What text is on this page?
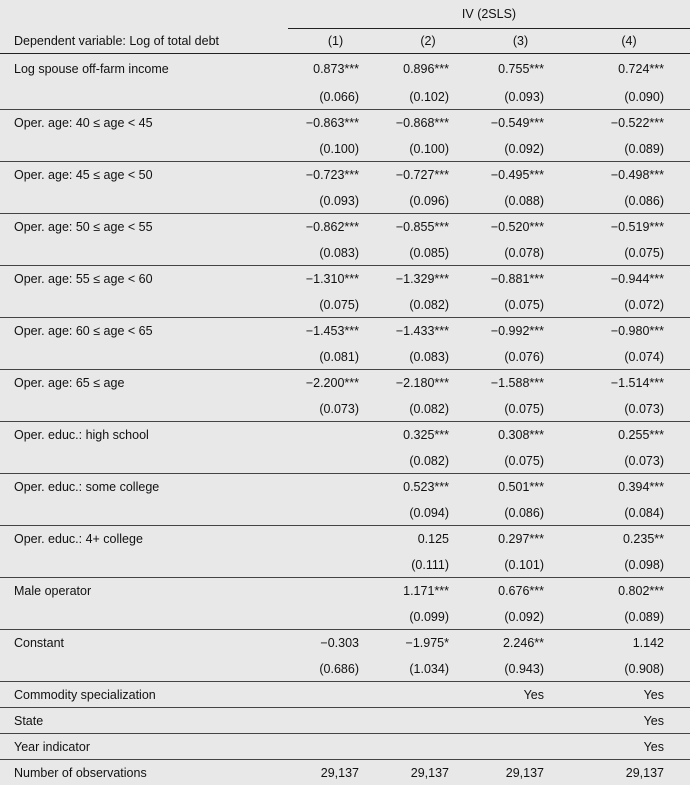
	IV (2SLS)			
Dependent variable: Log of total debt	(1)	(2)	(3)	(4)
Log spouse off-farm income	0.873***	0.896***	0.755***	0.724***
	(0.066)	(0.102)	(0.093)	(0.090)
Oper. age: 40 ≤ age < 45	−0.863***	−0.868***	−0.549***	−0.522***
	(0.100)	(0.100)	(0.092)	(0.089)
Oper. age: 45 ≤ age < 50	−0.723***	−0.727***	−0.495***	−0.498***
	(0.093)	(0.096)	(0.088)	(0.086)
Oper. age: 50 ≤ age < 55	−0.862***	−0.855***	−0.520***	−0.519***
	(0.083)	(0.085)	(0.078)	(0.075)
Oper. age: 55 ≤ age < 60	−1.310***	−1.329***	−0.881***	−0.944***
	(0.075)	(0.082)	(0.075)	(0.072)
Oper. age: 60 ≤ age < 65	−1.453***	−1.433***	−0.992***	−0.980***
	(0.081)	(0.083)	(0.076)	(0.074)
Oper. age: 65 ≤ age	−2.200***	−2.180***	−1.588***	−1.514***
	(0.073)	(0.082)	(0.075)	(0.073)
Oper. educ.: high school		0.325***	0.308***	0.255***
		(0.082)	(0.075)	(0.073)
Oper. educ.: some college		0.523***	0.501***	0.394***
		(0.094)	(0.086)	(0.084)
Oper. educ.: 4+ college		0.125	0.297***	0.235**
		(0.111)	(0.101)	(0.098)
Male operator		1.171***	0.676***	0.802***
		(0.099)	(0.092)	(0.089)
Constant	−0.303	−1.975*	2.246**	1.142
	(0.686)	(1.034)	(0.943)	(0.908)
Commodity specialization			Yes	Yes
State				Yes
Year indicator				Yes
Number of observations	29,137	29,137	29,137	29,137
